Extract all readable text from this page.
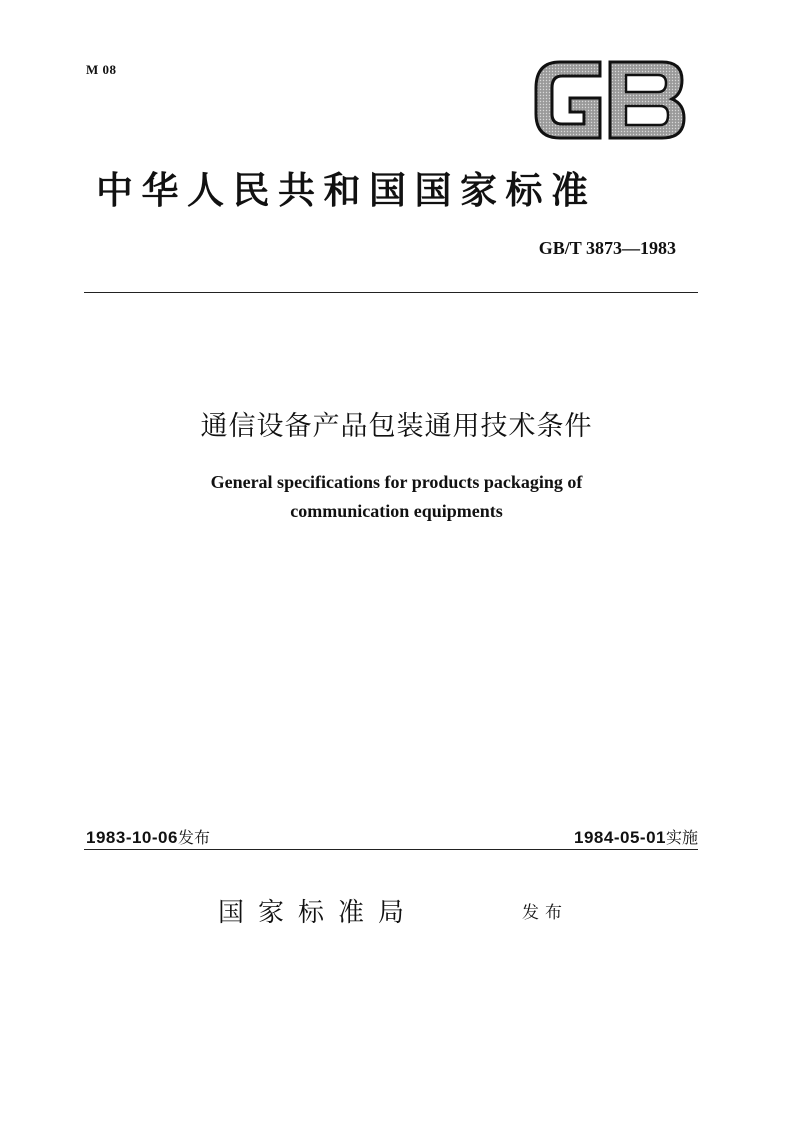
M 08
中华人民共和国国家标准
GB/T 3873—1983
通信设备产品包装通用技术条件
General specifications for products packaging of
communication equipments
1983-10-06发布	1984-05-01实施
国家标准局	发布
